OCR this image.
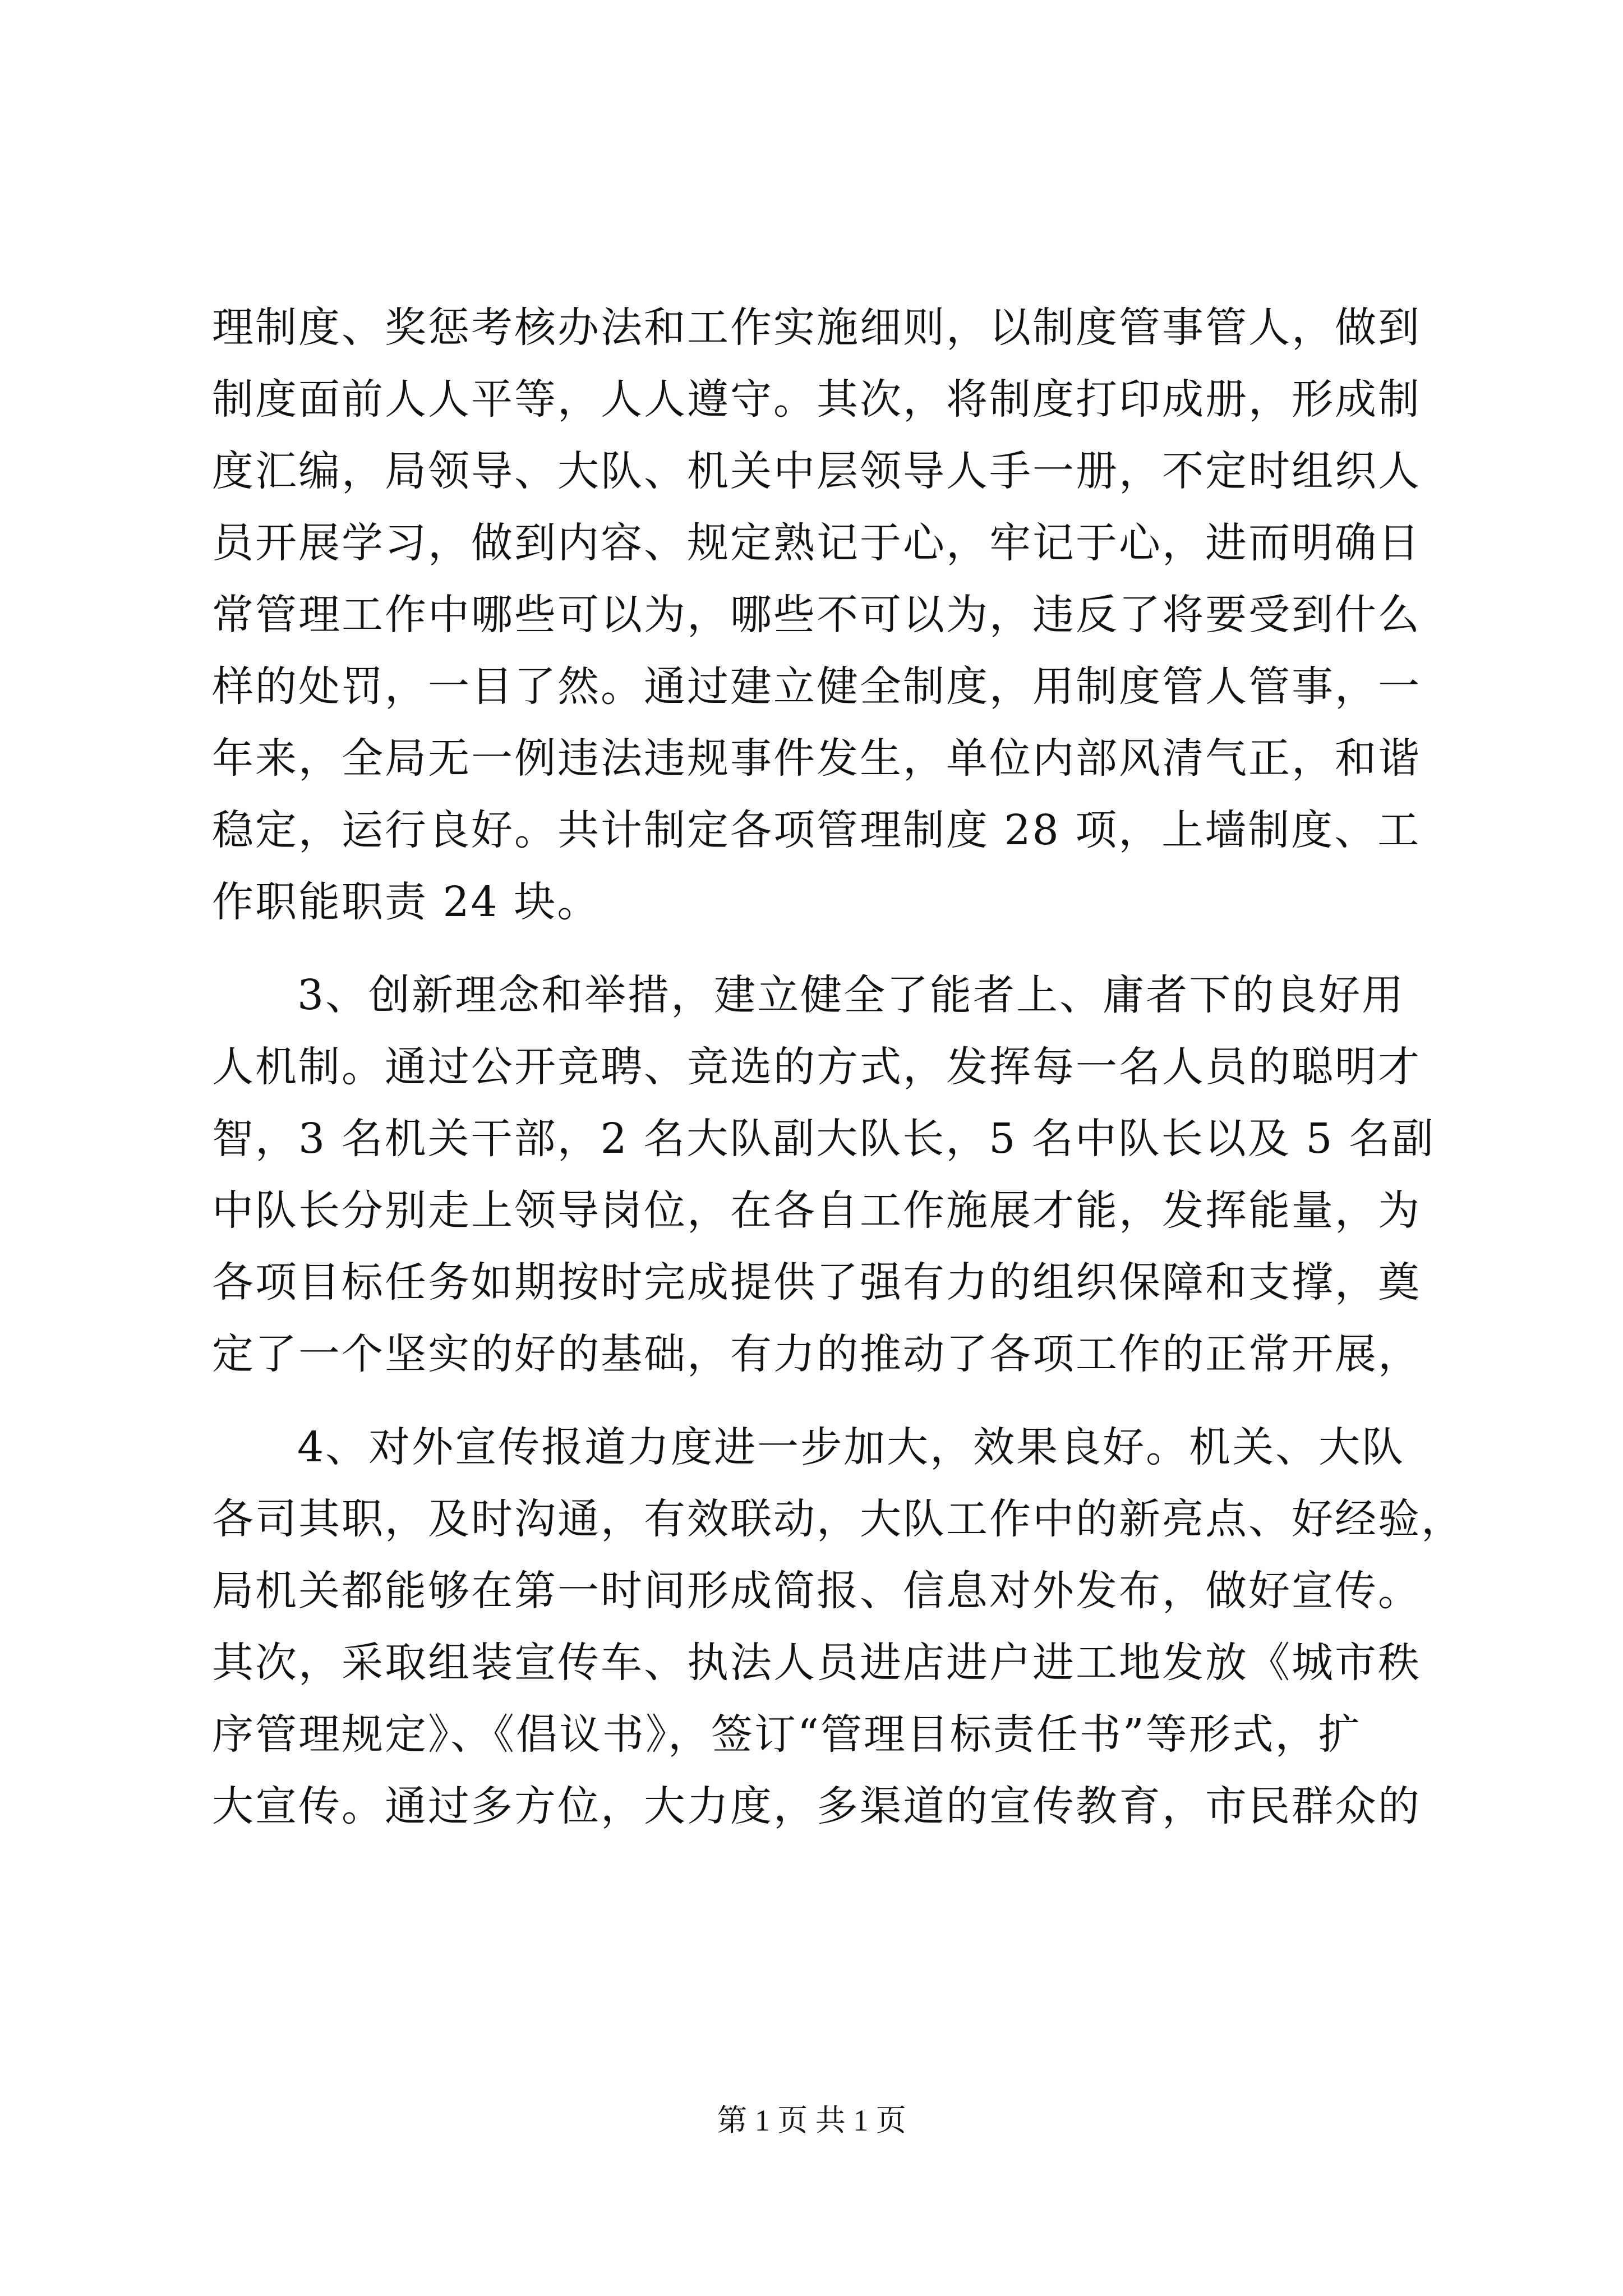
理制度、奖惩考核办法和工作实施细则，以制度管事管人，做到
制度面前人人平等，人人遵守。其次，将制度打印成册，形成制
度汇编，局领导、大队、机关中层领导人手一册，不定时组织人
员开展学习，做到内容、规定熟记于心，牢记于心，进而明确日
常管理工作中哪些可以为，哪些不可以为，违反了将要受到什么
样的处罚，一目了然。通过建立健全制度，用制度管人管事，一
年来，全局无一例违法违规事件发生，单位内部风清气正，和谐
稳定，运行良好。共计制定各项管理制度 28 项，上墙制度、工
作职能职责 24 块。
3、创新理念和举措，建立健全了能者上、庸者下的良好用
人机制。通过公开竞聘、竞选的方式，发挥每一名人员的聪明才
智，3 名机关干部，2 名大队副大队长，5 名中队长以及 5 名副
中队长分别走上领导岗位，在各自工作施展才能，发挥能量，为
各项目标任务如期按时完成提供了强有力的组织保障和支撑，奠
定了一个坚实的好的基础，有力的推动了各项工作的正常开展，
4、对外宣传报道力度进一步加大，效果良好。机关、大队
各司其职，及时沟通，有效联动，大队工作中的新亮点、好经验，
局机关都能够在第一时间形成简报、信息对外发布，做好宣传。
其次，采取组装宣传车、执法人员进店进户进工地发放《城市秩
序管理规定》、《倡议书》，签订“管理目标责任书”等形式，扩
大宣传。通过多方位，大力度，多渠道的宣传教育，市民群众的
第 1 页 共 1 页
